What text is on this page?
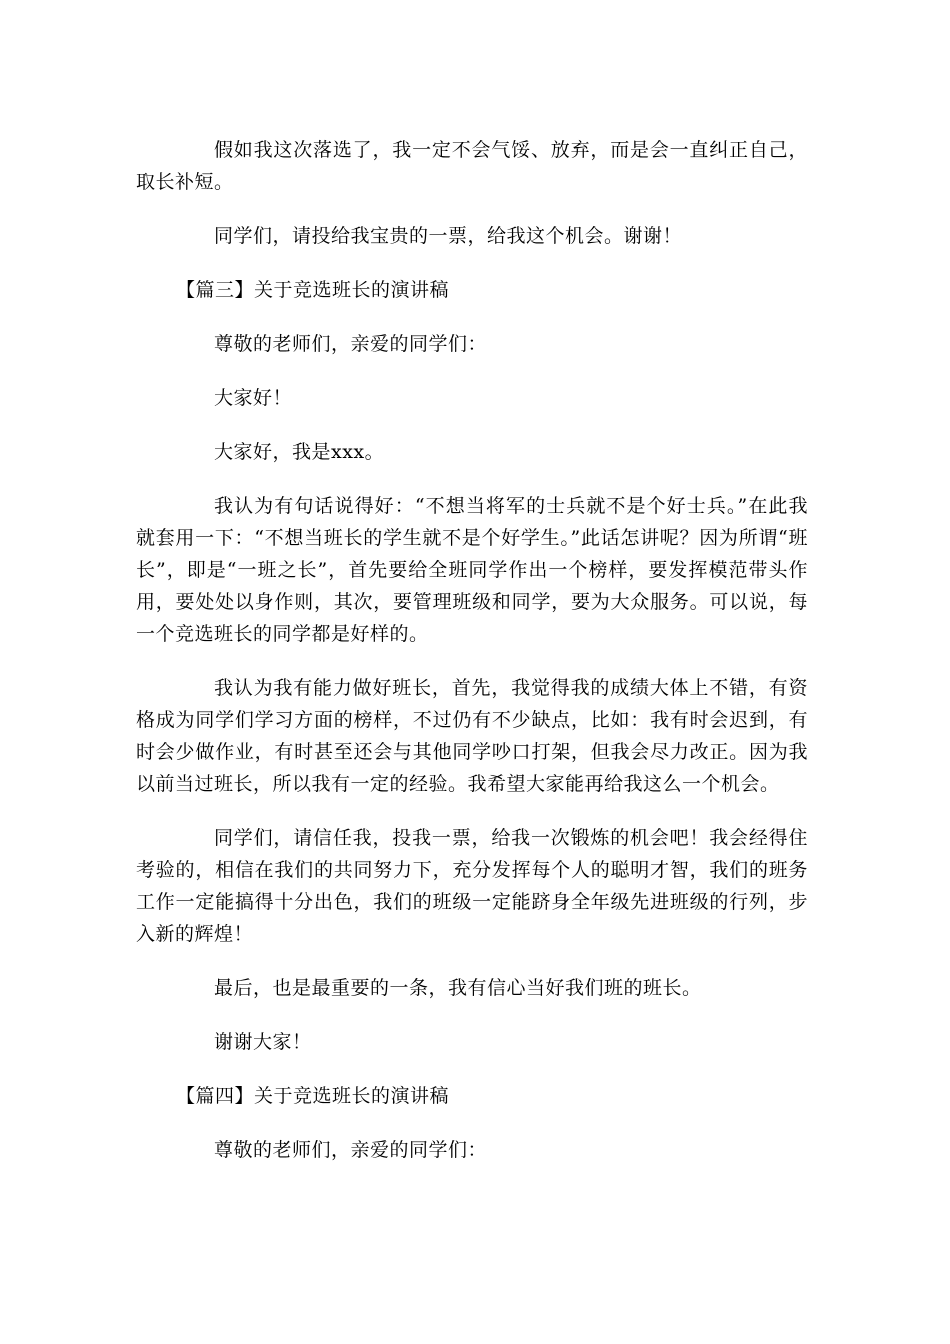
假如我这次落选了，我一定不会气馁、放弃，而是会一直纠正自己，取长补短。

同学们，请投给我宝贵的一票，给我这个机会。谢谢！

【篇三】关于竞选班长的演讲稿

尊敬的老师们，亲爱的同学们：

大家好！

大家好，我是xxx。

我认为有句话说得好：“不想当将军的士兵就不是个好士兵。”在此我就套用一下：“不想当班长的学生就不是个好学生。”此话怎讲呢？因为所谓“班长”，即是“一班之长”，首先要给全班同学作出一个榜样，要发挥模范带头作用，要处处以身作则，其次，要管理班级和同学，要为大众服务。可以说，每一个竞选班长的同学都是好样的。

我认为我有能力做好班长，首先，我觉得我的成绩大体上不错，有资格成为同学们学习方面的榜样，不过仍有不少缺点，比如：我有时会迟到，有时会少做作业，有时甚至还会与其他同学吵口打架，但我会尽力改正。因为我以前当过班长，所以我有一定的经验。我希望大家能再给我这么一个机会。

同学们，请信任我，投我一票，给我一次锻炼的机会吧！我会经得住考验的，相信在我们的共同努力下，充分发挥每个人的聪明才智，我们的班务工作一定能搞得十分出色，我们的班级一定能跻身全年级先进班级的行列，步入新的辉煌！

最后，也是最重要的一条，我有信心当好我们班的班长。

谢谢大家！

【篇四】关于竞选班长的演讲稿

尊敬的老师们，亲爱的同学们：
